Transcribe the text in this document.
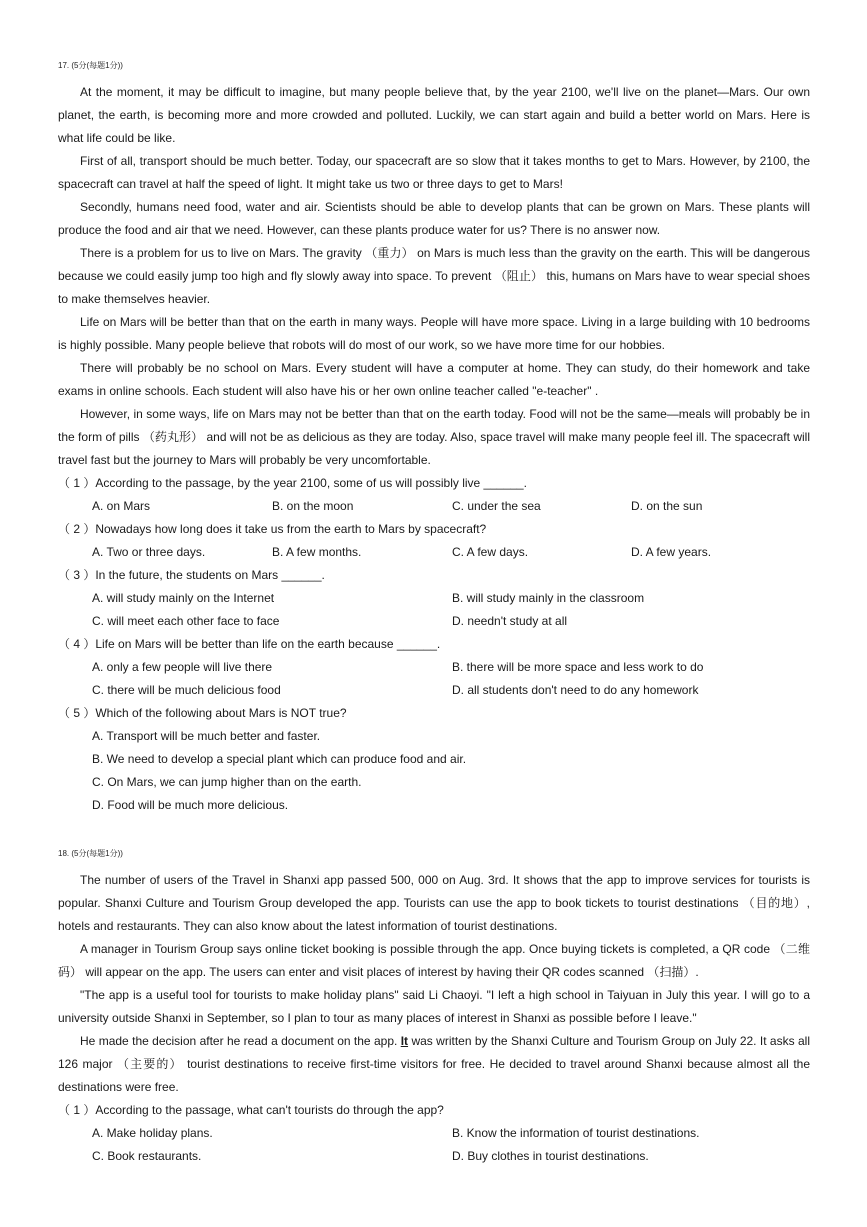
17. (5分(每题1分))
At the moment, it may be difficult to imagine, but many people believe that, by the year 2100, we'll live on the planet—Mars. Our own planet, the earth, is becoming more and more crowded and polluted. Luckily, we can start again and build a better world on Mars. Here is what life could be like.
First of all, transport should be much better. Today, our spacecraft are so slow that it takes months to get to Mars. However, by 2100, the spacecraft can travel at half the speed of light. It might take us two or three days to get to Mars!
Secondly, humans need food, water and air. Scientists should be able to develop plants that can be grown on Mars. These plants will produce the food and air that we need. However, can these plants produce water for us? There is no answer now.
There is a problem for us to live on Mars. The gravity （重力） on Mars is much less than the gravity on the earth. This will be dangerous because we could easily jump too high and fly slowly away into space. To prevent （阻止） this, humans on Mars have to wear special shoes to make themselves heavier.
Life on Mars will be better than that on the earth in many ways. People will have more space. Living in a large building with 10 bedrooms is highly possible. Many people believe that robots will do most of our work, so we have more time for our hobbies.
There will probably be no school on Mars. Every student will have a computer at home. They can study, do their homework and take exams in online schools. Each student will also have his or her own online teacher called "e-teacher" .
However, in some ways, life on Mars may not be better than that on the earth today. Food will not be the same—meals will probably be in the form of pills （药丸形） and will not be as delicious as they are today. Also, space travel will make many people feel ill. The spacecraft will travel fast but the journey to Mars will probably be very uncomfortable.
（ 1 ）According to the passage, by the year 2100, some of us will possibly live ______.
A. on Mars	B. on the moon	C. under the sea	D. on the sun
（ 2 ）Nowadays how long does it take us from the earth to Mars by spacecraft?
A. Two or three days.	B. A few months.	C. A few days.	D. A few years.
（ 3 ）In the future, the students on Mars ______.
A. will study mainly on the Internet	B. will study mainly in the classroom
C. will meet each other face to face	D. needn't study at all
（ 4 ）Life on Mars will be better than life on the earth because ______.
A. only a few people will live there	B. there will be more space and less work to do
C. there will be much delicious food	D. all students don't need to do any homework
（ 5 ）Which of the following about Mars is NOT true?
A. Transport will be much better and faster.
B. We need to develop a special plant which can produce food and air.
C. On Mars, we can jump higher than on the earth.
D. Food will be much more delicious.
18. (5分(每题1分))
The number of users of the Travel in Shanxi app passed 500, 000 on Aug. 3rd. It shows that the app to improve services for tourists is popular. Shanxi Culture and Tourism Group developed the app. Tourists can use the app to book tickets to tourist destinations （目的地）, hotels and restaurants. They can also know about the latest information of tourist destinations.
A manager in Tourism Group says online ticket booking is possible through the app. Once buying tickets is completed, a QR code （二维码） will appear on the app. The users can enter and visit places of interest by having their QR codes scanned （扫描）.
"The app is a useful tool for tourists to make holiday plans" said Li Chaoyi. "I left a high school in Taiyuan in July this year. I will go to a university outside Shanxi in September, so I plan to tour as many places of interest in Shanxi as possible before I leave."
He made the decision after he read a document on the app. It was written by the Shanxi Culture and Tourism Group on July 22. It asks all 126 major （主要的） tourist destinations to receive first-time visitors for free. He decided to travel around Shanxi because almost all the destinations were free.
（ 1 ）According to the passage, what can't tourists do through the app?
A. Make holiday plans.	B. Know the information of tourist destinations.
C. Book restaurants.	D. Buy clothes in tourist destinations.
